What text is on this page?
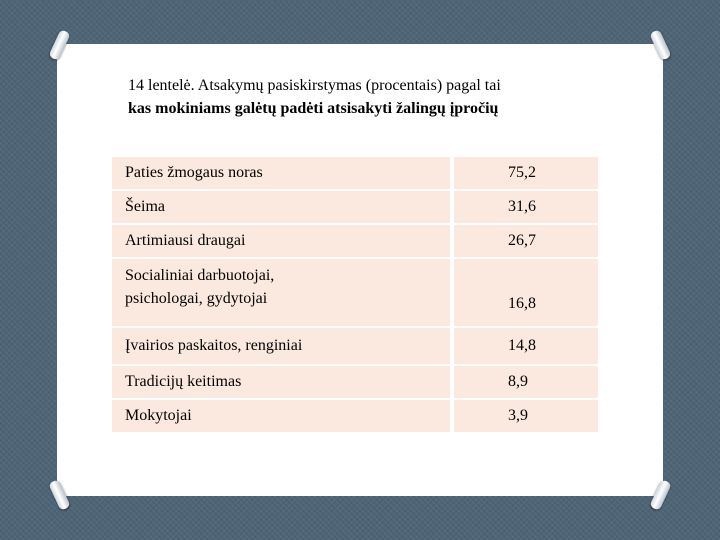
14 lentelė. Atsakymų pasiskirstymas (procentais) pagal tai
kas mokiniams galėtų padėti atsisakyti žalingų įpročių
Paties žmogaus noras	75,2
Šeima	31,6
Artimiausi draugai	26,7
Socialiniai darbuotojai,
psichologai, gydytojai	16,8
Įvairios paskaitos, renginiai	14,8
Tradicijų keitimas	8,9
Mokytojai	3,9
